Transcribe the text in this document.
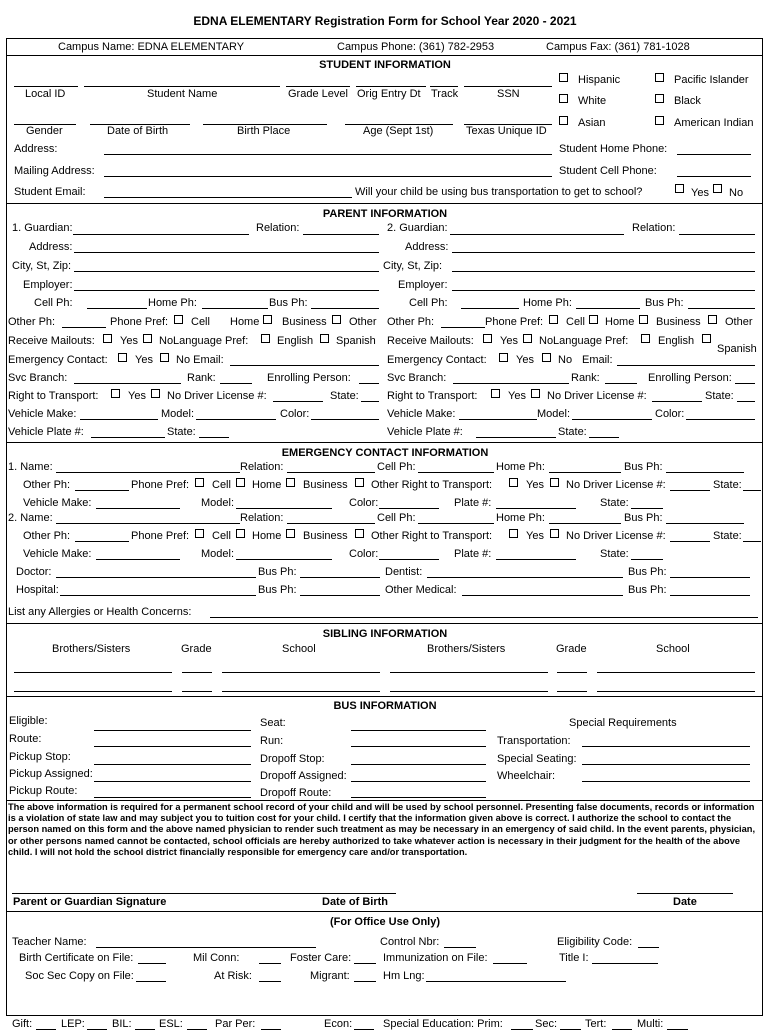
EDNA ELEMENTARY Registration Form for School Year 2020 - 2021
Campus Name: EDNA ELEMENTARY	Campus Phone: (361) 782-2953	Campus Fax: (361) 781-1028
STUDENT INFORMATION
Local ID	Student Name	Grade Level Orig Entry Dt Track	SSN
Hispanic	Pacific Islander
White	Black
Asian	American Indian
Gender	Date of Birth	Birth Place	Age (Sept 1st)	Texas Unique ID
Address:	Student Home Phone:
Mailing Address:	Student Cell Phone:
Student Email:	Will your child be using bus transportation to get to school?	Yes No
PARENT INFORMATION
1. Guardian:	Relation:
Address:
City, St, Zip:
Employer:
Cell Ph:	Home Ph:	Bus Ph:
Other Ph:	Phone Pref: Cell Home Business Other
Receive Mailouts: Yes NoLanguage Pref:	English Spanish
Emergency Contact: Yes No Email:
Svc Branch:	Rank:	Enrolling Person:
Right to Transport:	Yes No Driver License #:	State:
Vehicle Make:	Model:	Color:
Vehicle Plate #:	State:
2. Guardian:	Relation:
Address:
City, St, Zip:
Employer:
Cell Ph:	Home Ph:	Bus Ph:
Other Ph:	Phone Pref: Cell Home Business Other
Receive Mailouts: Yes NoLanguage Pref:	English
Spanish
Emergency Contact:	Yes No Email:
Svc Branch:	Rank:	Enrolling Person:
Right to Transport:	Yes No Driver License #:	State:
Vehicle Make:	Model:	Color:
Vehicle Plate #:	State:
EMERGENCY CONTACT INFORMATION
1. Name:	Relation:	Cell Ph:	Home Ph:	Bus Ph:
Other Ph:	Phone Pref: Cell Home Business Other Right to Transport:	Yes No Driver License #:	State:
Vehicle Make:	Model:	Color:	Plate #:	State:
2. Name:	Relation:	Cell Ph:	Home Ph:	Bus Ph:
Other Ph:	Phone Pref: Cell Home Business Other Right to Transport:	Yes No Driver License #:	State:
Vehicle Make:	Model:	Color:	Plate #:	State:
Doctor:	Bus Ph:	Dentist:	Bus Ph:
Hospital:	Bus Ph:	Other Medical:	Bus Ph:
List any Allergies or Health Concerns:
SIBLING INFORMATION
Brothers/Sisters	Grade	School	Brothers/Sisters	Grade	School
BUS INFORMATION
Eligible:
Route:
Pickup Stop:
Pickup Assigned:
Pickup Route:
Seat:
Run:
Dropoff Stop:
Dropoff Assigned:
Dropoff Route:
Special Requirements
Transportation:
Special Seating:
Wheelchair:
The above information is required for a permanent school record of your child and will be used by school personnel. Presenting false documents, records or information is a violation of state law and may subject you to tuition cost for your child. I certify that the information given above is correct. I authorize the school to contact the person named on this form and the above named physician to render such treatment as may be necessary in an emergency of said child. In the event parents, physician, or other persons named cannot be contacted, school officials are hereby authorized to take whatever action is necessary in their judgment for the health of the above child. I will not hold the school district financially responsible for emergency care and/or transportation.
Parent or Guardian Signature	Date of Birth	Date
(For Office Use Only)
Teacher Name:	Control Nbr:	Eligibility Code:
Birth Certificate on File:	Mil Conn:	Foster Care:	Immunization on File:	Title I:
Soc Sec Copy on File:	At Risk:	Migrant:	Hm Lng:
Gift:	LEP: BIL: ESL:	Par Per:	Econ:	Special Education: Prim:	Sec:	Tert:	Multi:
